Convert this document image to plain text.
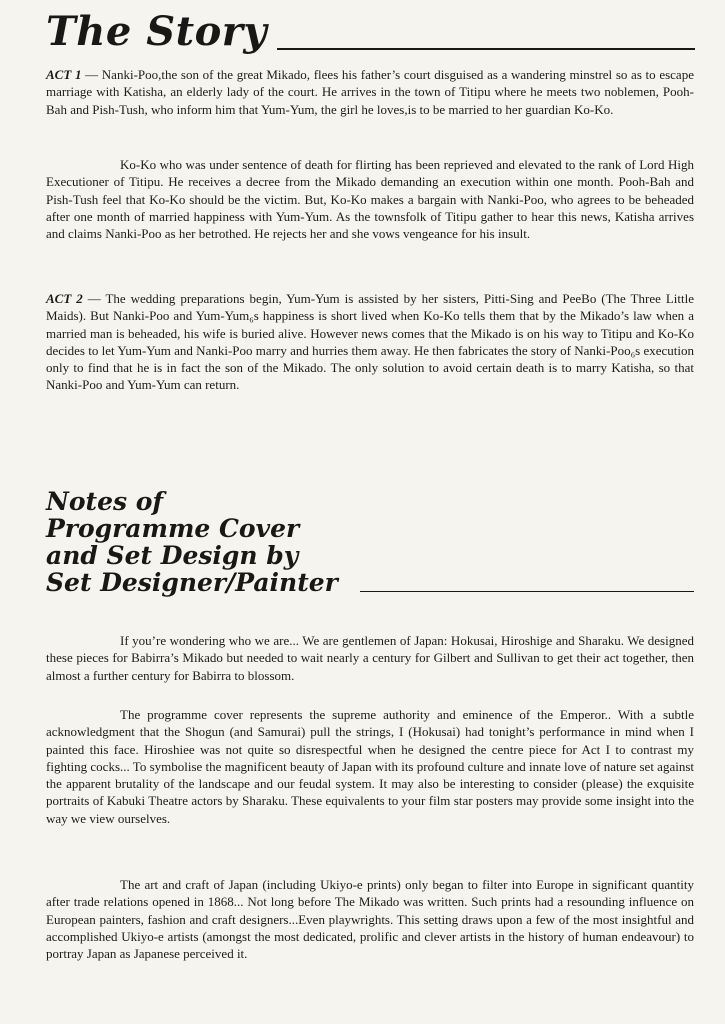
The Story

ACT 1 — Nanki-Poo,the son of the great Mikado, flees his father’s court disguised as a wandering minstrel so as to escape marriage with Katisha, an elderly lady of the court. He arrives in the town of Titipu where he meets two noblemen, Pooh-Bah and Pish-Tush, who inform him that Yum-Yum, the girl he loves,is to be married to her guardian Ko-Ko.

Ko-Ko who was under sentence of death for flirting has been reprieved and elevated to the rank of Lord High Executioner of Titipu. He receives a decree from the Mikado demanding an execution within one month. Pooh-Bah and Pish-Tush feel that Ko-Ko should be the victim. But, Ko-Ko makes a bargain with Nanki-Poo, who agrees to be beheaded after one month of married happiness with Yum-Yum. As the townsfolk of Titipu gather to hear this news, Katisha arrives and claims Nanki-Poo as her betrothed. He rejects her and she vows vengeance for his insult.

ACT 2 — The wedding preparations begin, Yum-Yum is assisted by her sisters, Pitti-Sing and PeeBo (The Three Little Maids). But Nanki-Poo and Yum-Yum₆s happiness is short lived when Ko-Ko tells them that by the Mikado’s law when a married man is beheaded, his wife is buried alive. However news comes that the Mikado is on his way to Titipu and Ko-Ko decides to let Yum-Yum and Nanki-Poo marry and hurries them away. He then fabricates the story of Nanki-Poo₆s execution only to find that he is in fact the son of the Mikado. The only solution to avoid certain death is to marry Katisha, so that Nanki-Poo and Yum-Yum can return.

Notes of
Programme Cover
and Set Design by
Set Designer/Painter

If you’re wondering who we are... We are gentlemen of Japan: Hokusai, Hiroshige and Sharaku. We designed these pieces for Babirra’s Mikado but needed to wait nearly a century for Gilbert and Sullivan to get their act together, then almost a further century for Babirra to blossom.

The programme cover represents the supreme authority and eminence of the Emperor.. With a subtle acknowledgment that the Shogun (and Samurai) pull the strings, I (Hokusai) had tonight’s performance in mind when I painted this face. Hiroshiee was not quite so disrespectful when he designed the centre piece for Act I to contrast my fighting cocks... To symbolise the magnificent beauty of Japan with its profound culture and innate love of nature set against the apparent brutality of the landscape and our feudal system. It may also be interesting to consider (please) the exquisite portraits of Kabuki Theatre actors by Sharaku. These equivalents to your film star posters may provide some insight into the way we view ourselves.

The art and craft of Japan (including Ukiyo-e prints) only began to filter into Europe in significant quantity after trade relations opened in 1868... Not long before The Mikado was written. Such prints had a resounding influence on European painters, fashion and craft designers...Even playwrights. This setting draws upon a few of the most insightful and accomplished Ukiyo-e artists (amongst the most dedicated, prolific and clever artists in the history of human endeavour) to portray Japan as Japanese perceived it.
